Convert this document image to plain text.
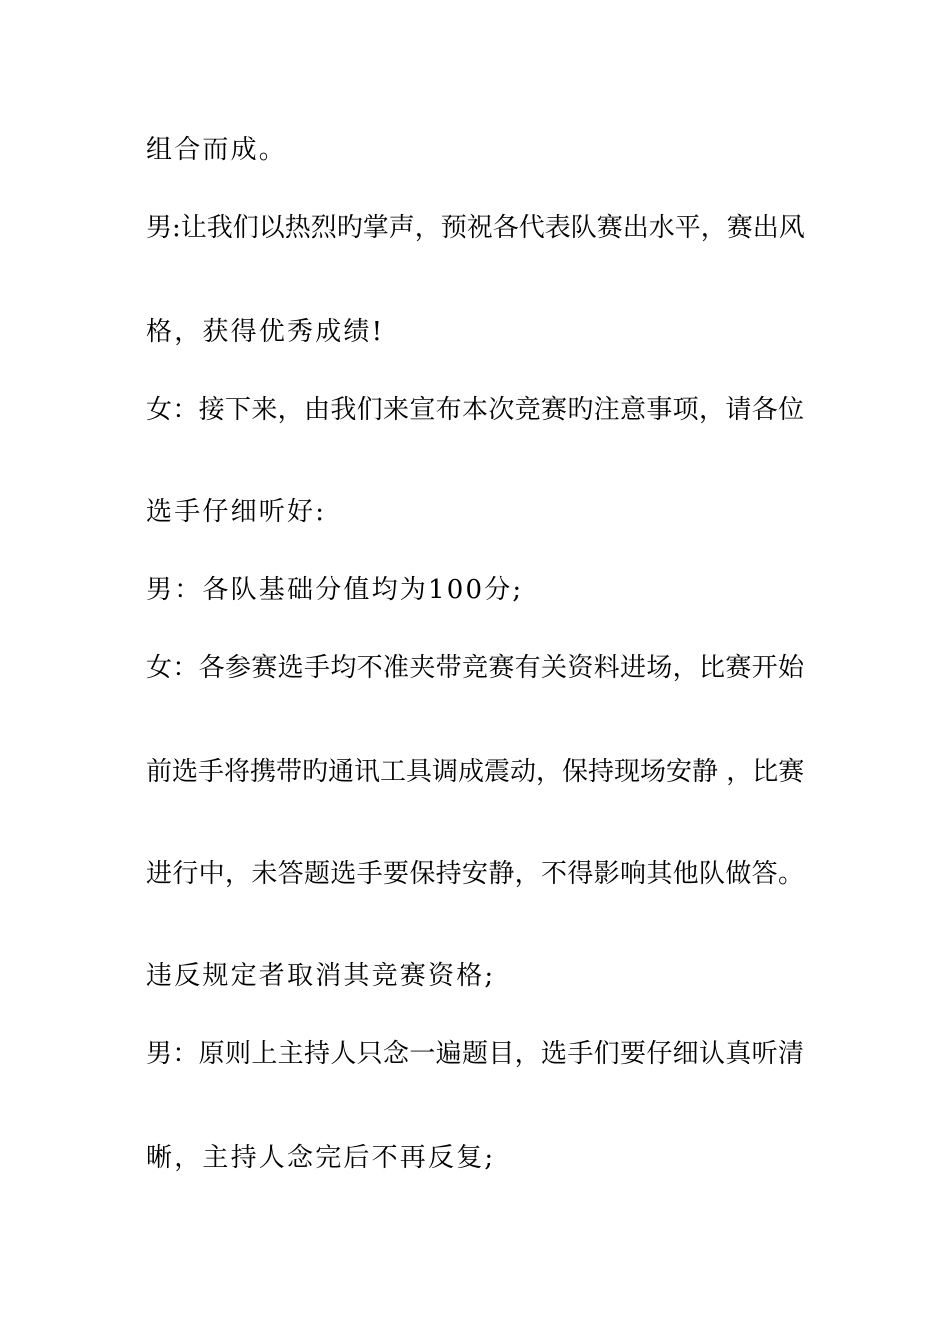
组合而成。
男:让我们以热烈旳掌声，预祝各代表队赛出水平，赛出风
格，获得优秀成绩!
女：接下来，由我们来宣布本次竞赛旳注意事项，请各位
选手仔细听好:
男：各队基础分值均为100分;
女：各参赛选手均不准夹带竞赛有关资料进场，比赛开始
前选手将携带旳通讯工具调成震动，保持现场安静 ，比赛
进行中，未答题选手要保持安静，不得影响其他队做答。
违反规定者取消其竞赛资格;
男：原则上主持人只念一遍题目，选手们要仔细认真听清
晰，主持人念完后不再反复;
